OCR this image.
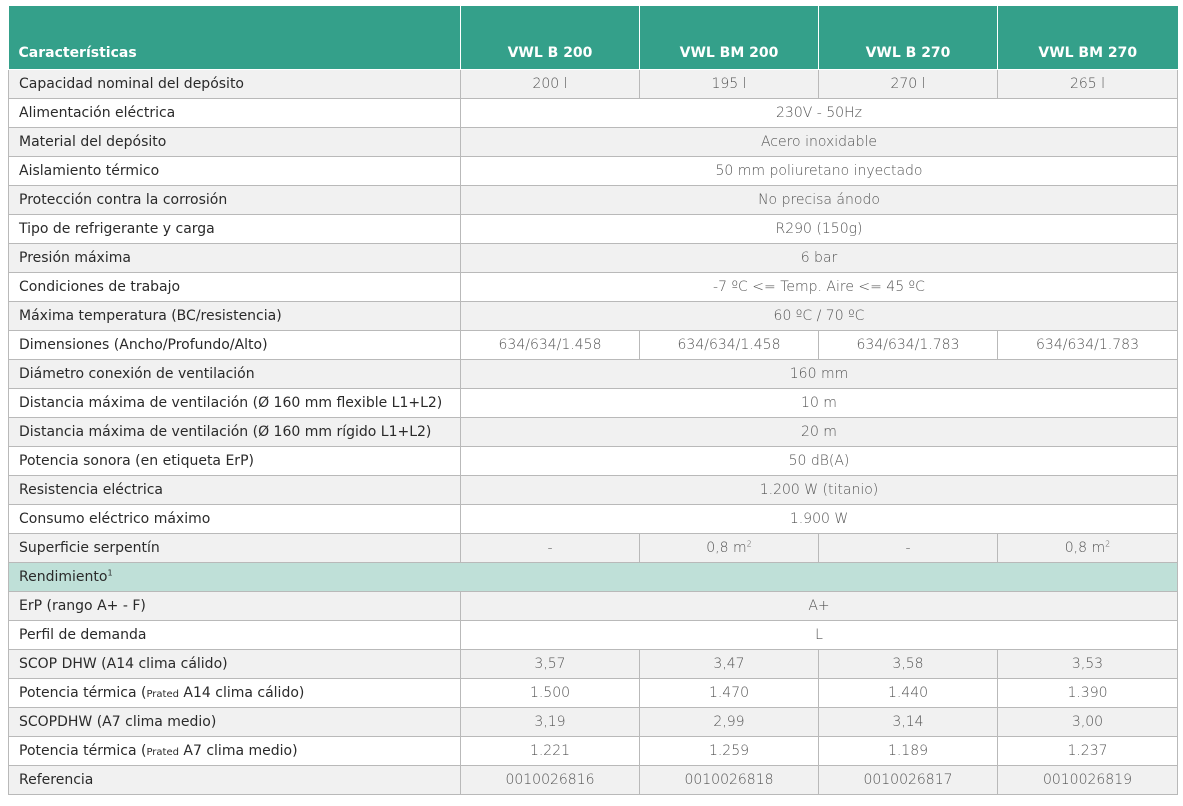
Características	VWL B 200	VWL BM 200	VWL B 270	VWL BM 270
Capacidad nominal del depósito	200 l	195 l	270 l	265 l
Alimentación eléctrica	230V - 50Hz			
Material del depósito	Acero inoxidable			
Aislamiento térmico	50 mm poliuretano inyectado			
Protección contra la corrosión	No precisa ánodo			
Tipo de refrigerante y carga	R290 (150g)			
Presión máxima	6 bar			
Condiciones de trabajo	-7 ºC <= Temp. Aire <= 45 ºC			
Máxima temperatura (BC/resistencia)	60 ºC / 70 ºC			
Dimensiones (Ancho/Profundo/Alto)	634/634/1.458	634/634/1.458	634/634/1.783	634/634/1.783
Diámetro conexión de ventilación	160 mm			
Distancia máxima de ventilación (Ø 160 mm flexible L1+L2)	10 m			
Distancia máxima de ventilación (Ø 160 mm rígido L1+L2)	20 m			
Potencia sonora (en etiqueta ErP)	50 dB(A)			
Resistencia eléctrica	1.200 W (titanio)			
Consumo eléctrico máximo	1.900 W			
Superficie serpentín	-	0,8 $m^2$	-	0,8 $m^2$
Rendimiento$^1$
ErP (rango A+ - F)	A+			
Perfil de demanda	L			
SCOP DHW (A14 clima cálido)	3,57	3,47	3,58	3,53
Potencia térmica (Prated A14 clima cálido)	1.500	1.470	1.440	1.390
SCOPDHW (A7 clima medio)	3,19	2,99	3,14	3,00
Potencia térmica (Prated A7 clima medio)	1.221	1.259	1.189	1.237
Referencia	0010026816	0010026818	0010026817	0010026819
